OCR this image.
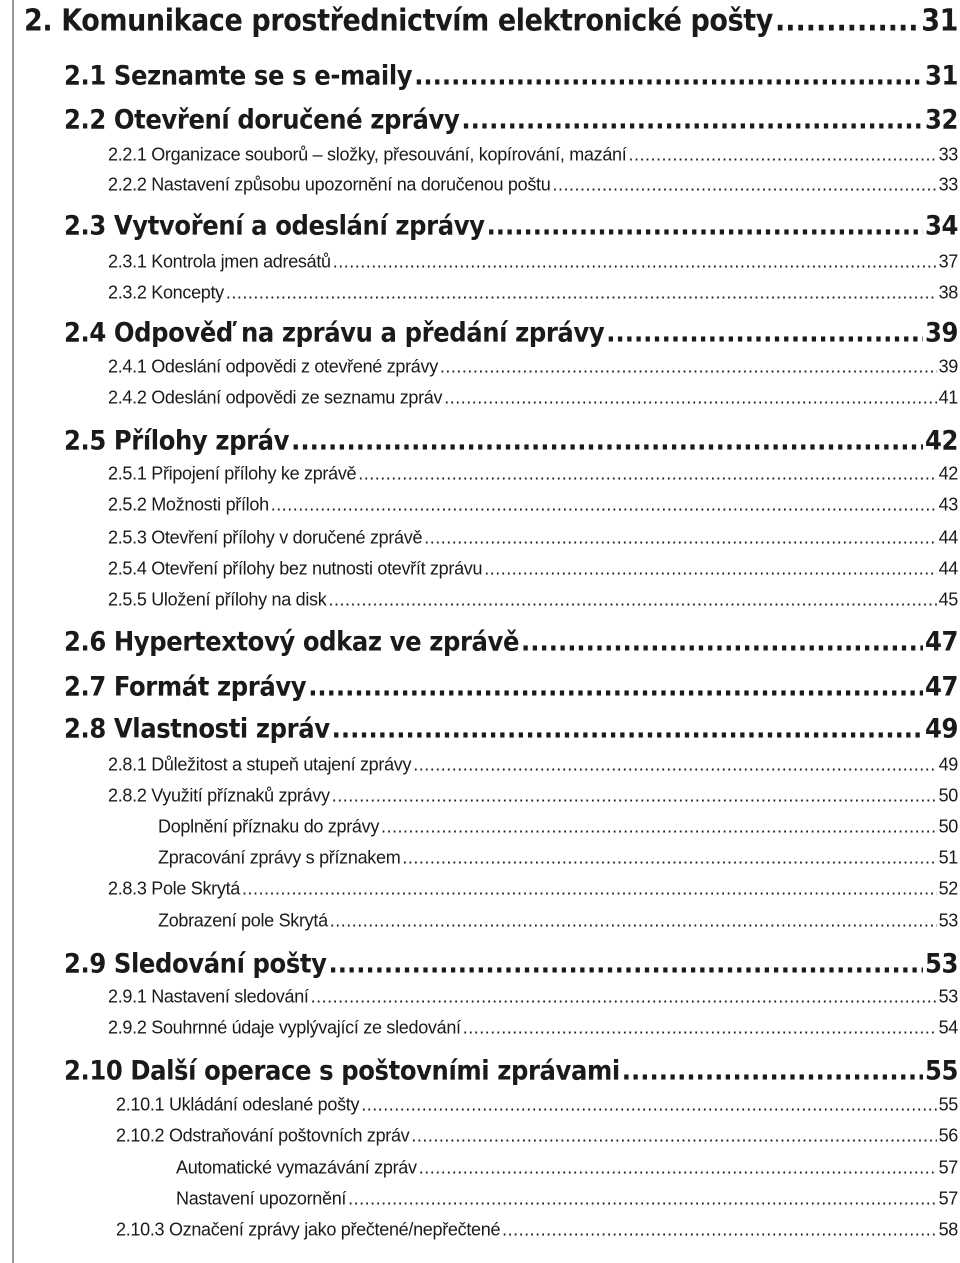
2. Komunikace prostřednictvím elektronické pošty .....	31
2.1 Seznamte se s e-maily .....	31
2.2 Otevření doručené zprávy .....	32
2.2.1 Organizace souborů – složky, přesouvání, kopírování, mazání .....	33
2.2.2 Nastavení způsobu upozornění na doručenou poštu .....	33
2.3 Vytvoření a odeslání zprávy .....	34
2.3.1 Kontrola jmen adresátů .....	37
2.3.2 Koncepty .....	38
2.4 Odpověď na zprávu a předání zprávy .....	39
2.4.1 Odeslání odpovědi z otevřené zprávy .....	39
2.4.2 Odeslání odpovědi ze seznamu zpráv .....	41
2.5 Přílohy zpráv .....	42
2.5.1 Připojení přílohy ke zprávě .....	42
2.5.2 Možnosti příloh .....	43
2.5.3 Otevření přílohy v doručené zprávě .....	44
2.5.4 Otevření přílohy bez nutnosti otevřít zprávu .....	44
2.5.5 Uložení přílohy na disk .....	45
2.6 Hypertextový odkaz ve zprávě .....	47
2.7 Formát zprávy .....	47
2.8 Vlastnosti zpráv .....	49
2.8.1 Důležitost a stupeň utajení zprávy .....	49
2.8.2 Využití příznaků zprávy .....	50
Doplnění příznaku do zprávy .....	50
Zpracování zprávy s příznakem .....	51
2.8.3 Pole Skrytá .....	52
Zobrazení pole Skrytá .....	53
2.9 Sledování pošty .....	53
2.9.1 Nastavení sledování .....	53
2.9.2 Souhrnné údaje vyplývající ze sledování .....	54
2.10 Další operace s poštovními zprávami .....	55
2.10.1 Ukládání odeslané pošty .....	55
2.10.2 Odstraňování poštovních zpráv .....	56
Automatické vymazávání zpráv .....	57
Nastavení upozornění .....	57
2.10.3 Označení zprávy jako přečtené/nepřečtené .....	58
